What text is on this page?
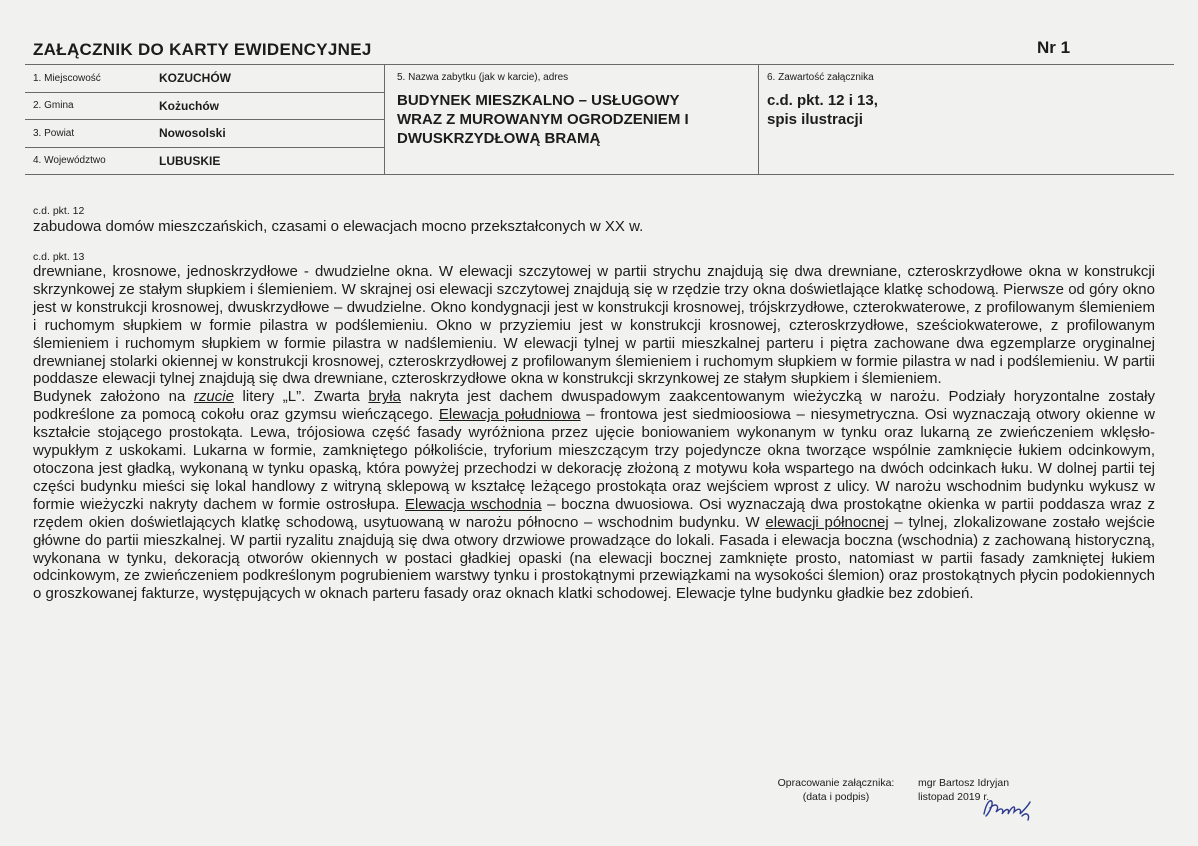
ZAŁĄCZNIK DO KARTY EWIDENCYJNEJ	Nr 1
1. Miejscowość	KOZUCHÓW
2. Gmina	Kożuchów
3. Powiat	Nowosolski
4. Województwo	LUBUSKIE
5. Nazwa zabytku (jak w karcie), adres
BUDYNEK MIESZKALNO – USŁUGOWY
WRAZ Z MUROWANYM OGRODZENIEM I
DWUSKRZYDŁOWĄ BRAMĄ
6. Zawartość załącznika
c.d. pkt. 12 i 13,
spis ilustracji
c.d. pkt. 12
zabudowa domów mieszczańskich, czasami o elewacjach mocno przekształconych w XX w.
c.d. pkt. 13
drewniane, krosnowe, jednoskrzydłowe - dwudzielne okna. W elewacji szczytowej w partii strychu znajdują się dwa drewniane, czteroskrzydłowe okna w konstrukcji skrzynkowej ze stałym słupkiem i ślemieniem. W skrajnej osi elewacji szczytowej znajdują się w rzędzie trzy okna doświetlające klatkę schodową. Pierwsze od góry okno jest w konstrukcji krosnowej, dwuskrzydłowe – dwudzielne. Okno kondygnacji jest w konstrukcji krosnowej, trójskrzydłowe, czterokwaterowe, z profilowanym ślemieniem i ruchomym słupkiem w formie pilastra w podślemieniu. Okno w przyziemiu jest w konstrukcji krosnowej, czteroskrzydłowe, sześciokwaterowe, z profilowanym ślemieniem i ruchomym słupkiem w formie pilastra w nadślemieniu. W elewacji tylnej w partii mieszkalnej parteru i piętra zachowane dwa egzemplarze oryginalnej drewnianej stolarki okiennej w konstrukcji krosnowej, czteroskrzydłowej z profilowanym ślemieniem i ruchomym słupkiem w formie pilastra w nad i podślemieniu. W partii poddasze elewacji tylnej znajdują się dwa drewniane, czteroskrzydłowe okna w konstrukcji skrzynkowej ze stałym słupkiem i ślemieniem.
Budynek założono na rzucie litery „L”. Zwarta bryła nakryta jest dachem dwuspadowym zaakcentowanym wieżyczką w narożu. Podziały horyzontalne zostały podkreślone za pomocą cokołu oraz gzymsu wieńczącego. Elewacja południowa – frontowa jest siedmioosiowa – niesymetryczna. Osi wyznaczają otwory okienne w kształcie stojącego prostokąta. Lewa, trójosiowa część fasady wyróżniona przez ujęcie boniowaniem wykonanym w tynku oraz lukarną ze zwieńczeniem wklęsło-wypukłym z uskokami. Lukarna w formie, zamkniętego półkoliście, tryforium mieszczącym trzy pojedyncze okna tworzące wspólnie zamknięcie łukiem odcinkowym, otoczona jest gładką, wykonaną w tynku opaską, która powyżej przechodzi w dekorację złożoną z motywu koła wspartego na dwóch odcinkach łuku. W dolnej partii tej części budynku mieści się lokal handlowy z witryną sklepową w kształcę leżącego prostokąta oraz wejściem wprost z ulicy. W narożu wschodnim budynku wykusz w formie wieżyczki nakryty dachem w formie ostrosłupa. Elewacja wschodnia – boczna dwuosiowa. Osi wyznaczają dwa prostokątne okienka w partii poddasza wraz z rzędem okien doświetlających klatkę schodową, usytuowaną w narożu północno – wschodnim budynku. W elewacji północnej – tylnej, zlokalizowane zostało wejście główne do partii mieszkalnej. W partii ryzalitu znajdują się dwa otwory drzwiowe prowadzące do lokali. Fasada i elewacja boczna (wschodnia) z zachowaną historyczną, wykonana w tynku, dekoracją otworów okiennych w postaci gładkiej opaski (na elewacji bocznej zamknięte prosto, natomiast w partii fasady zamkniętej łukiem odcinkowym, ze zwieńczeniem podkreślonym pogrubieniem warstwy tynku i prostokątnymi przewiązkami na wysokości ślemion) oraz prostokątnych płycin podokiennych o groszkowanej fakturze, występujących w oknach parteru fasady oraz oknach klatki schodowej. Elewacje tylne budynku gładkie bez zdobień.
Opracowanie załącznika:
(data i podpis)
mgr Bartosz Idryjan
listopad 2019 r.
